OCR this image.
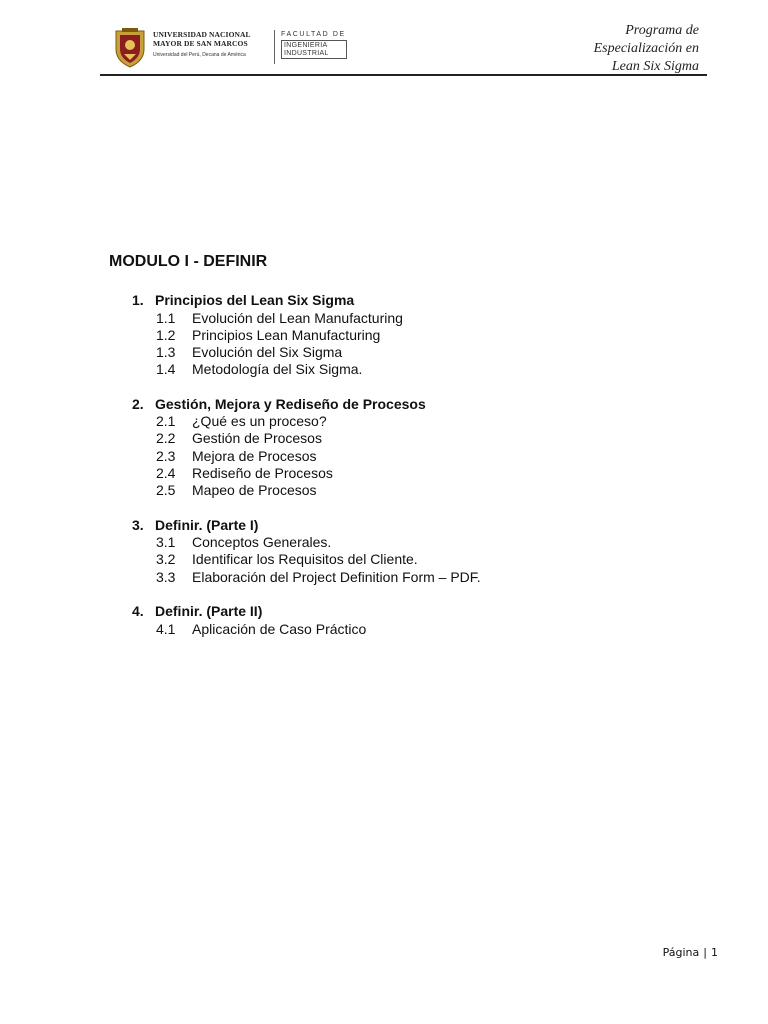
UNIVERSIDAD NACIONAL
MAYOR DE SAN MARCOS
Universidad del Perú, Decana de América
FACULTAD DE
INGENIERIA
INDUSTRIAL
Programa de
Especialización en
Lean Six Sigma
MODULO I - DEFINIR
1. Principios del Lean Six Sigma
1.1 Evolución del Lean Manufacturing
1.2 Principios Lean Manufacturing
1.3 Evolución del Six Sigma
1.4 Metodología del Six Sigma.
2. Gestión, Mejora y Rediseño de Procesos
2.1 ¿Qué es un proceso?
2.2 Gestión de Procesos
2.3 Mejora de Procesos
2.4 Rediseño de Procesos
2.5 Mapeo de Procesos
3. Definir. (Parte I)
3.1 Conceptos Generales.
3.2 Identificar los Requisitos del Cliente.
3.3 Elaboración del Project Definition Form – PDF.
4. Definir. (Parte II)
4.1 Aplicación de Caso Práctico
Página | 1
